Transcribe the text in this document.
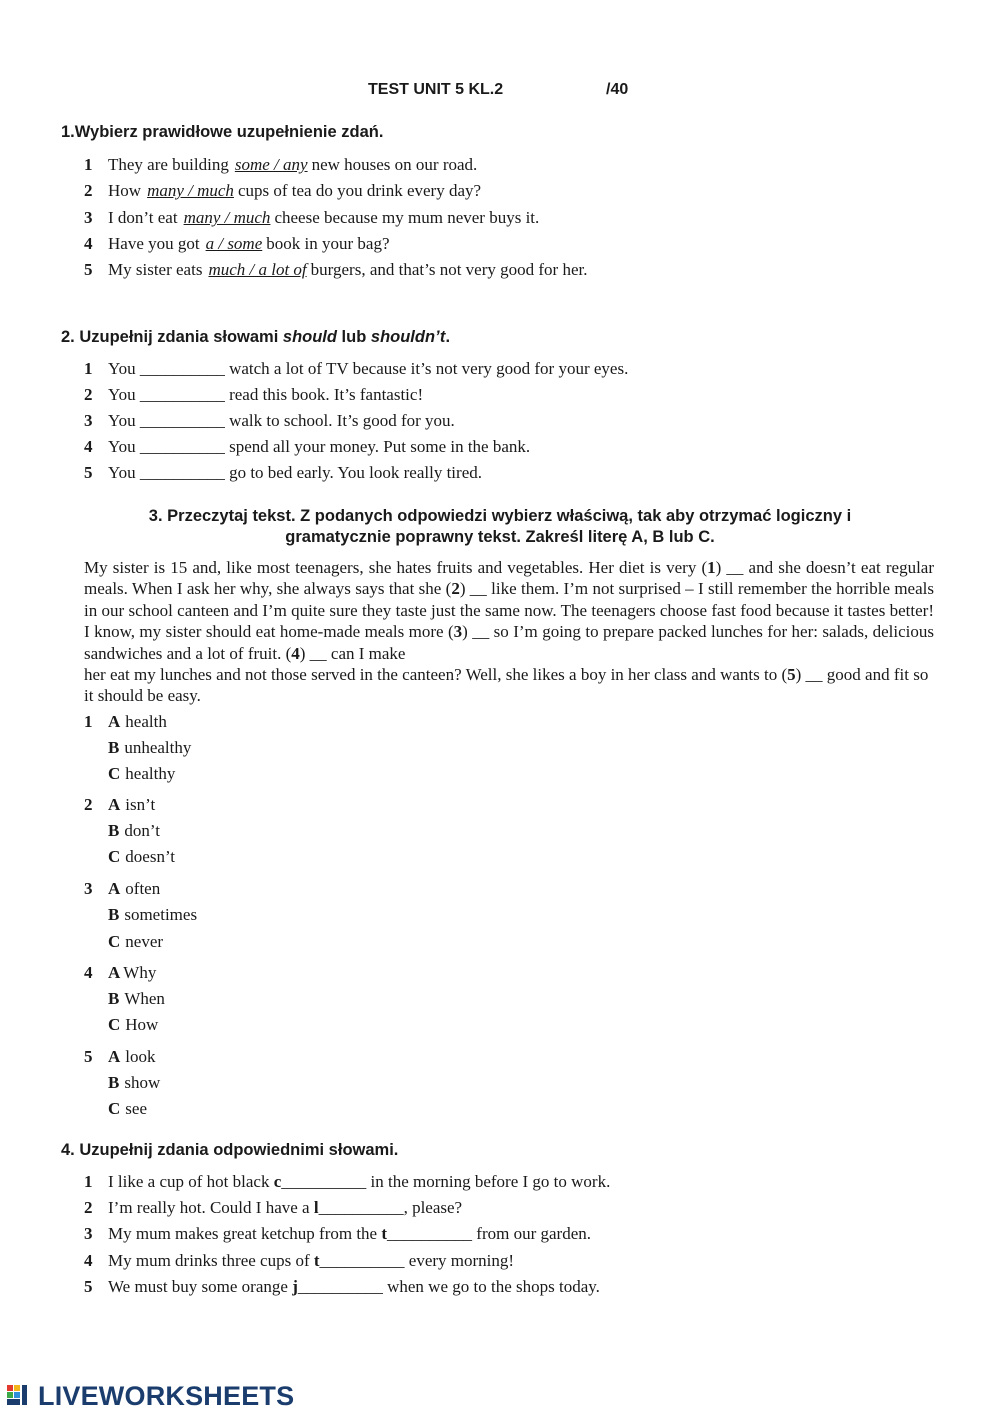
TEST UNIT 5 KL.2	/40
1.Wybierz prawidłowe uzupełnienie zdań.
1 They are building some / any new houses on our road.
2 How many / much cups of tea do you drink every day?
3 I don’t eat many / much cheese because my mum never buys it.
4 Have you got a / some book in your bag?
5 My sister eats much / a lot of burgers, and that’s not very good for her.
2. Uzupełnij zdania słowami should lub shouldn’t.
1 You __________ watch a lot of TV because it’s not very good for your eyes.
2 You __________ read this book. It’s fantastic!
3 You __________ walk to school. It’s good for you.
4 You __________ spend all your money. Put some in the bank.
5 You __________ go to bed early. You look really tired.
3. Przeczytaj tekst. Z podanych odpowiedzi wybierz właściwą, tak aby otrzymać logiczny i
gramatycznie poprawny tekst. Zakreśl literę A, B lub C.

My sister is 15 and, like most teenagers, she hates fruits and vegetables. Her diet is very (1) __ and she doesn’t eat regular meals. When I ask her why, she always says that she (2) __ like them. I’m not surprised – I still remember the horrible meals in our school canteen and I’m quite sure they taste just the same now. The teenagers choose fast food because it tastes better! I know, my sister should eat home-made meals more (3) __ so I’m going to prepare packed lunches for her: salads, delicious sandwiches and a lot of fruit. (4) __ can I make

her eat my lunches and not those served in the canteen? Well, she likes a boy in her class and wants to (5) __ good and fit so it should be easy.

1 A health
B unhealthy
C healthy
2 A isn’t
B don’t
C doesn’t
3 A often
B sometimes
C never
4 A Why
B When
C How
5 A look
B show
C see
4. Uzupełnij zdania odpowiednimi słowami.
1 I like a cup of hot black c__________ in the morning before I go to work.
2 I’m really hot. Could I have a l__________, please?
3 My mum makes great ketchup from the t__________ from our garden.
4 My mum drinks three cups of t__________ every morning!
5 We must buy some orange j__________ when we go to the shops today.
LIVEWORKSHEETS
